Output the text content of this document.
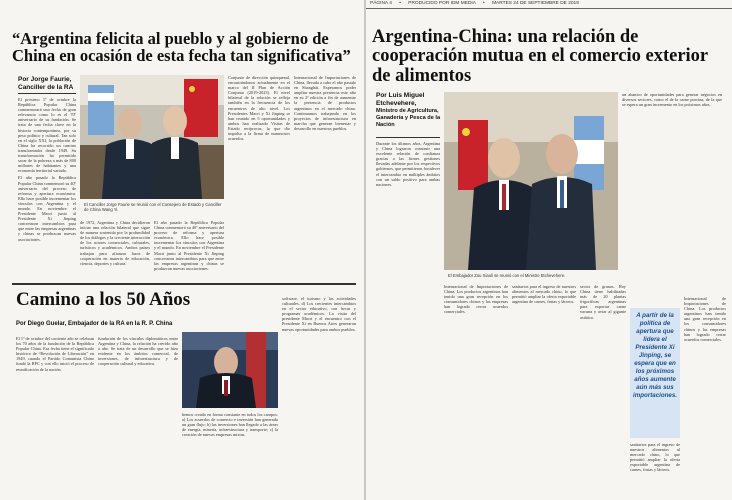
“Argentina felicita al pueblo y al gobierno de China en ocasión de esta fecha tan significativa”
Por Jorge Faurie,
Canciller de la RA

El próximo 1º de octubre la República Popular China conmemorará una fecha de gran relevancia como lo es el 70º aniversario de su fundación. Se trata de una fecha clave en la historia contemporánea, por su peso político y cultural. Tan solo en el siglo XXI, la población de China ha recorrido un camino transformador desde 1949. Su transformación ha permitido sacar de la pobreza a más de 800 millones de habitantes y una economía territorial variada.

El año pasado la República Popular China conmemoró su 40º aniversario del proceso de reforma y apertura económica. Ello hace posible incrementar los vínculos con Argentina y el mundo. En noviembre el Presidente Macri junto al Presidente Xi Jinping concretaron intercambios para que entre las empresas argentinas y chinas se produzcan nuevas asociaciones.

El Canciller Jorge Faurie se reunió con el Consejero de Estado y Canciller de China Wang Yi.
de 1972, Argentina y China decidieron iniciar una relación bilateral que sigue de manera sostenida por la profundidad de los diálogos y la creciente interacción de los actores comerciales, culturales, turísticos y académicos. Ambos países trabajan para afianzar lazos de cooperación en materia de educación, ciencia, deportes y cultura.
El año pasado la República Popular China conmemoró su 40º aniversario del proceso de reforma y apertura económica. Ello hace posible incrementar los vínculos con Argentina y el mundo. En noviembre el Presidente Macri junto al Presidente Xi Jinping concretaron intercambios para que entre las empresas argentinas y chinas se produzcan nuevas asociaciones.
Conjunto de dirección quinquenal, encontrándonos actualmente en el marco del II Plan de Acción Conjunta (2019-2023). El nivel bilateral de la relación se refleja también en la frecuencia de los encuentros de alto nivel. Los Presidentes Macri y Xi Jinping se han reunido en 5 oportunidades y ambos han realizado Visitas de Estado recíprocas, lo que dio impulso a la firma de numerosos acuerdos.
Internacional de Importaciones de China, llevada a cabo el año pasado en Shanghái. Esperamos poder ampliar nuestra presencia este año en su 2ª edición a fin de aumentar la presencia de productos argentinos en el mercado chino. Continuamos trabajando en los proyectos de infraestructura en marcha que generan bienestar y desarrollo en nuestros pueblos.
Camino a los 50 Años
Por Diego Guelar, Embajador de la RA en la R. P. China
El 1º de octubre del corriente año se celebran los 70 años de la fundación de la República Popular China. Esa fecha tiene el significado histórico de “Revolución de Liberación” en 1949, cuando el Partido Comunista Chino fundó la RPC y con ello inició el proceso de reunificación de la nación.
fundación de los vínculos diplomáticos entre Argentina y China, la relación ha crecido año a año. Se trata de un desarrollo que se hizo evidente en los ámbitos comercial, de inversiones, de infraestructura y de cooperación cultural y educativa.
hemos creado en forma constante en todos los campos: a) Los acuerdos de comercio e inversión han generado un gran flujo; b) las inversiones han llegado a las áreas de energía, minería, infraestructura y transporte; c) la creación de nuevas empresas mixtas.
software, el turismo y las actividades culturales. d) Los crecientes intercambios en el sector educativo, con becas y programas académicos. La visita del presidente Macri y el encuentro con el Presidente Xi en Buenos Aires generaron nuevas oportunidades para ambos pueblos.
PÁGINA 4 • PRODUCIDO POR IDM MEDIA • MARTES 24 DE SEPTIEMBRE DE 2019
Argentina-China: una relación de cooperación mutua en el comercio exterior de alimentos
Por Luis Miguel Etchevehere,
Ministro de Agricultura, Ganadería y Pesca de la Nación
Durante los últimos años, Argentina y China lograron construir una excelente relación de confianza gracias a las firmes gestiones llevadas adelante por los respectivos gobiernos, que permitieron fortalecer el intercambio en múltiples ámbitos con un saldo positivo para ambas naciones.
El Embajador Zou Xiaoli se reunió con el Ministro Etchevehere.
Internacional de Importaciones de China. Los productos argentinos han tenido una gran recepción en los consumidores chinos y las empresas han logrado cerrar acuerdos comerciales.
sanitarios para el ingreso de nuestros alimentos al mercado chino, lo que permitió ampliar la oferta exportable argentina de carnes, frutas y lácteos.
sector de granos. Hoy China tiene habilitadas más de 20 plantas frigoríficas argentinas para exportar carne vacuna y aviar al gigante asiático.	A partir de la política de apertura que lidera el Presidente Xi Jinping, se espera que en los próximos años aumente aún más sus importaciones.
un abanico de oportunidades para generar negocios en diversos sectores, como el de la carne porcina, de la que se espera un gran incremento en los próximos años.
Internacional de Importaciones de China. Los productos argentinos han tenido una gran recepción en los consumidores chinos y las empresas han logrado cerrar acuerdos comerciales.
sanitarios para el ingreso de nuestros alimentos al mercado chino, lo que permitió ampliar la oferta exportable argentina de carnes, frutas y lácteos.
